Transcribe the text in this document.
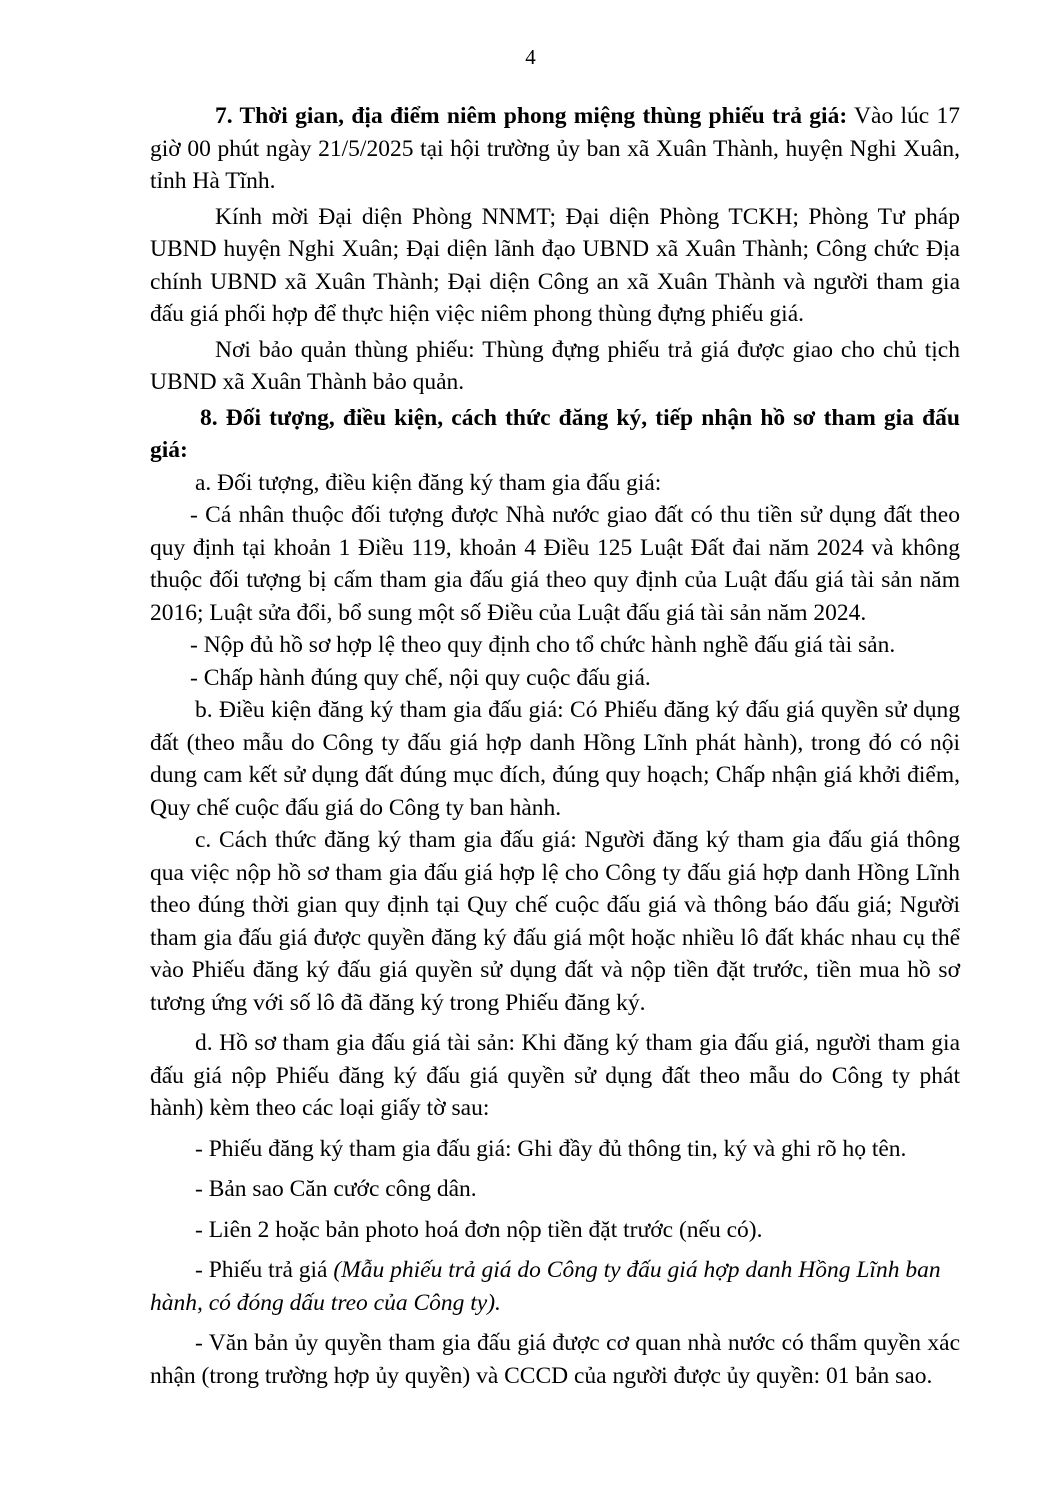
4

7. Thời gian, địa điểm niêm phong miệng thùng phiếu trả giá: Vào lúc 17 giờ 00 phút ngày 21/5/2025 tại hội trường ủy ban xã Xuân Thành, huyện Nghi Xuân, tỉnh Hà Tĩnh.

Kính mời Đại diện Phòng NNMT; Đại diện Phòng TCKH; Phòng Tư pháp UBND huyện Nghi Xuân; Đại diện lãnh đạo UBND xã Xuân Thành; Công chức Địa chính UBND xã Xuân Thành; Đại diện Công an xã Xuân Thành và người tham gia đấu giá phối hợp để thực hiện việc niêm phong thùng đựng phiếu giá.

Nơi bảo quản thùng phiếu: Thùng đựng phiếu trả giá được giao cho chủ tịch UBND xã Xuân Thành bảo quản.

8. Đối tượng, điều kiện, cách thức đăng ký, tiếp nhận hồ sơ tham gia đấu giá:

a. Đối tượng, điều kiện đăng ký tham gia đấu giá:

- Cá nhân thuộc đối tượng được Nhà nước giao đất có thu tiền sử dụng đất theo quy định tại khoản 1 Điều 119, khoản 4 Điều 125 Luật Đất đai năm 2024 và không thuộc đối tượng bị cấm tham gia đấu giá theo quy định của Luật đấu giá tài sản năm 2016; Luật sửa đổi, bổ sung một số Điều của Luật đấu giá tài sản năm 2024.

- Nộp đủ hồ sơ hợp lệ theo quy định cho tổ chức hành nghề đấu giá tài sản.

- Chấp hành đúng quy chế, nội quy cuộc đấu giá.

b. Điều kiện đăng ký tham gia đấu giá: Có Phiếu đăng ký đấu giá quyền sử dụng đất (theo mẫu do Công ty đấu giá hợp danh Hồng Lĩnh phát hành), trong đó có nội dung cam kết sử dụng đất đúng mục đích, đúng quy hoạch; Chấp nhận giá khởi điểm, Quy chế cuộc đấu giá do Công ty ban hành.

c. Cách thức đăng ký tham gia đấu giá: Người đăng ký tham gia đấu giá thông qua việc nộp hồ sơ tham gia đấu giá hợp lệ cho Công ty đấu giá hợp danh Hồng Lĩnh theo đúng thời gian quy định tại Quy chế cuộc đấu giá và thông báo đấu giá; Người tham gia đấu giá được quyền đăng ký đấu giá một hoặc nhiều lô đất khác nhau cụ thể vào Phiếu đăng ký đấu giá quyền sử dụng đất và nộp tiền đặt trước, tiền mua hồ sơ tương ứng với số lô đã đăng ký trong Phiếu đăng ký.

d. Hồ sơ tham gia đấu giá tài sản: Khi đăng ký tham gia đấu giá, người tham gia đấu giá nộp Phiếu đăng ký đấu giá quyền sử dụng đất theo mẫu do Công ty phát hành) kèm theo các loại giấy tờ sau:

- Phiếu đăng ký tham gia đấu giá: Ghi đầy đủ thông tin, ký và ghi rõ họ tên.

- Bản sao Căn cước công dân.

- Liên 2 hoặc bản photo hoá đơn nộp tiền đặt trước (nếu có).

- Phiếu trả giá (Mẫu phiếu trả giá do Công ty đấu giá hợp danh Hồng Lĩnh ban hành, có đóng dấu treo của Công ty).

- Văn bản ủy quyền tham gia đấu giá được cơ quan nhà nước có thẩm quyền xác nhận (trong trường hợp ủy quyền) và CCCD của người được ủy quyền: 01 bản sao.
